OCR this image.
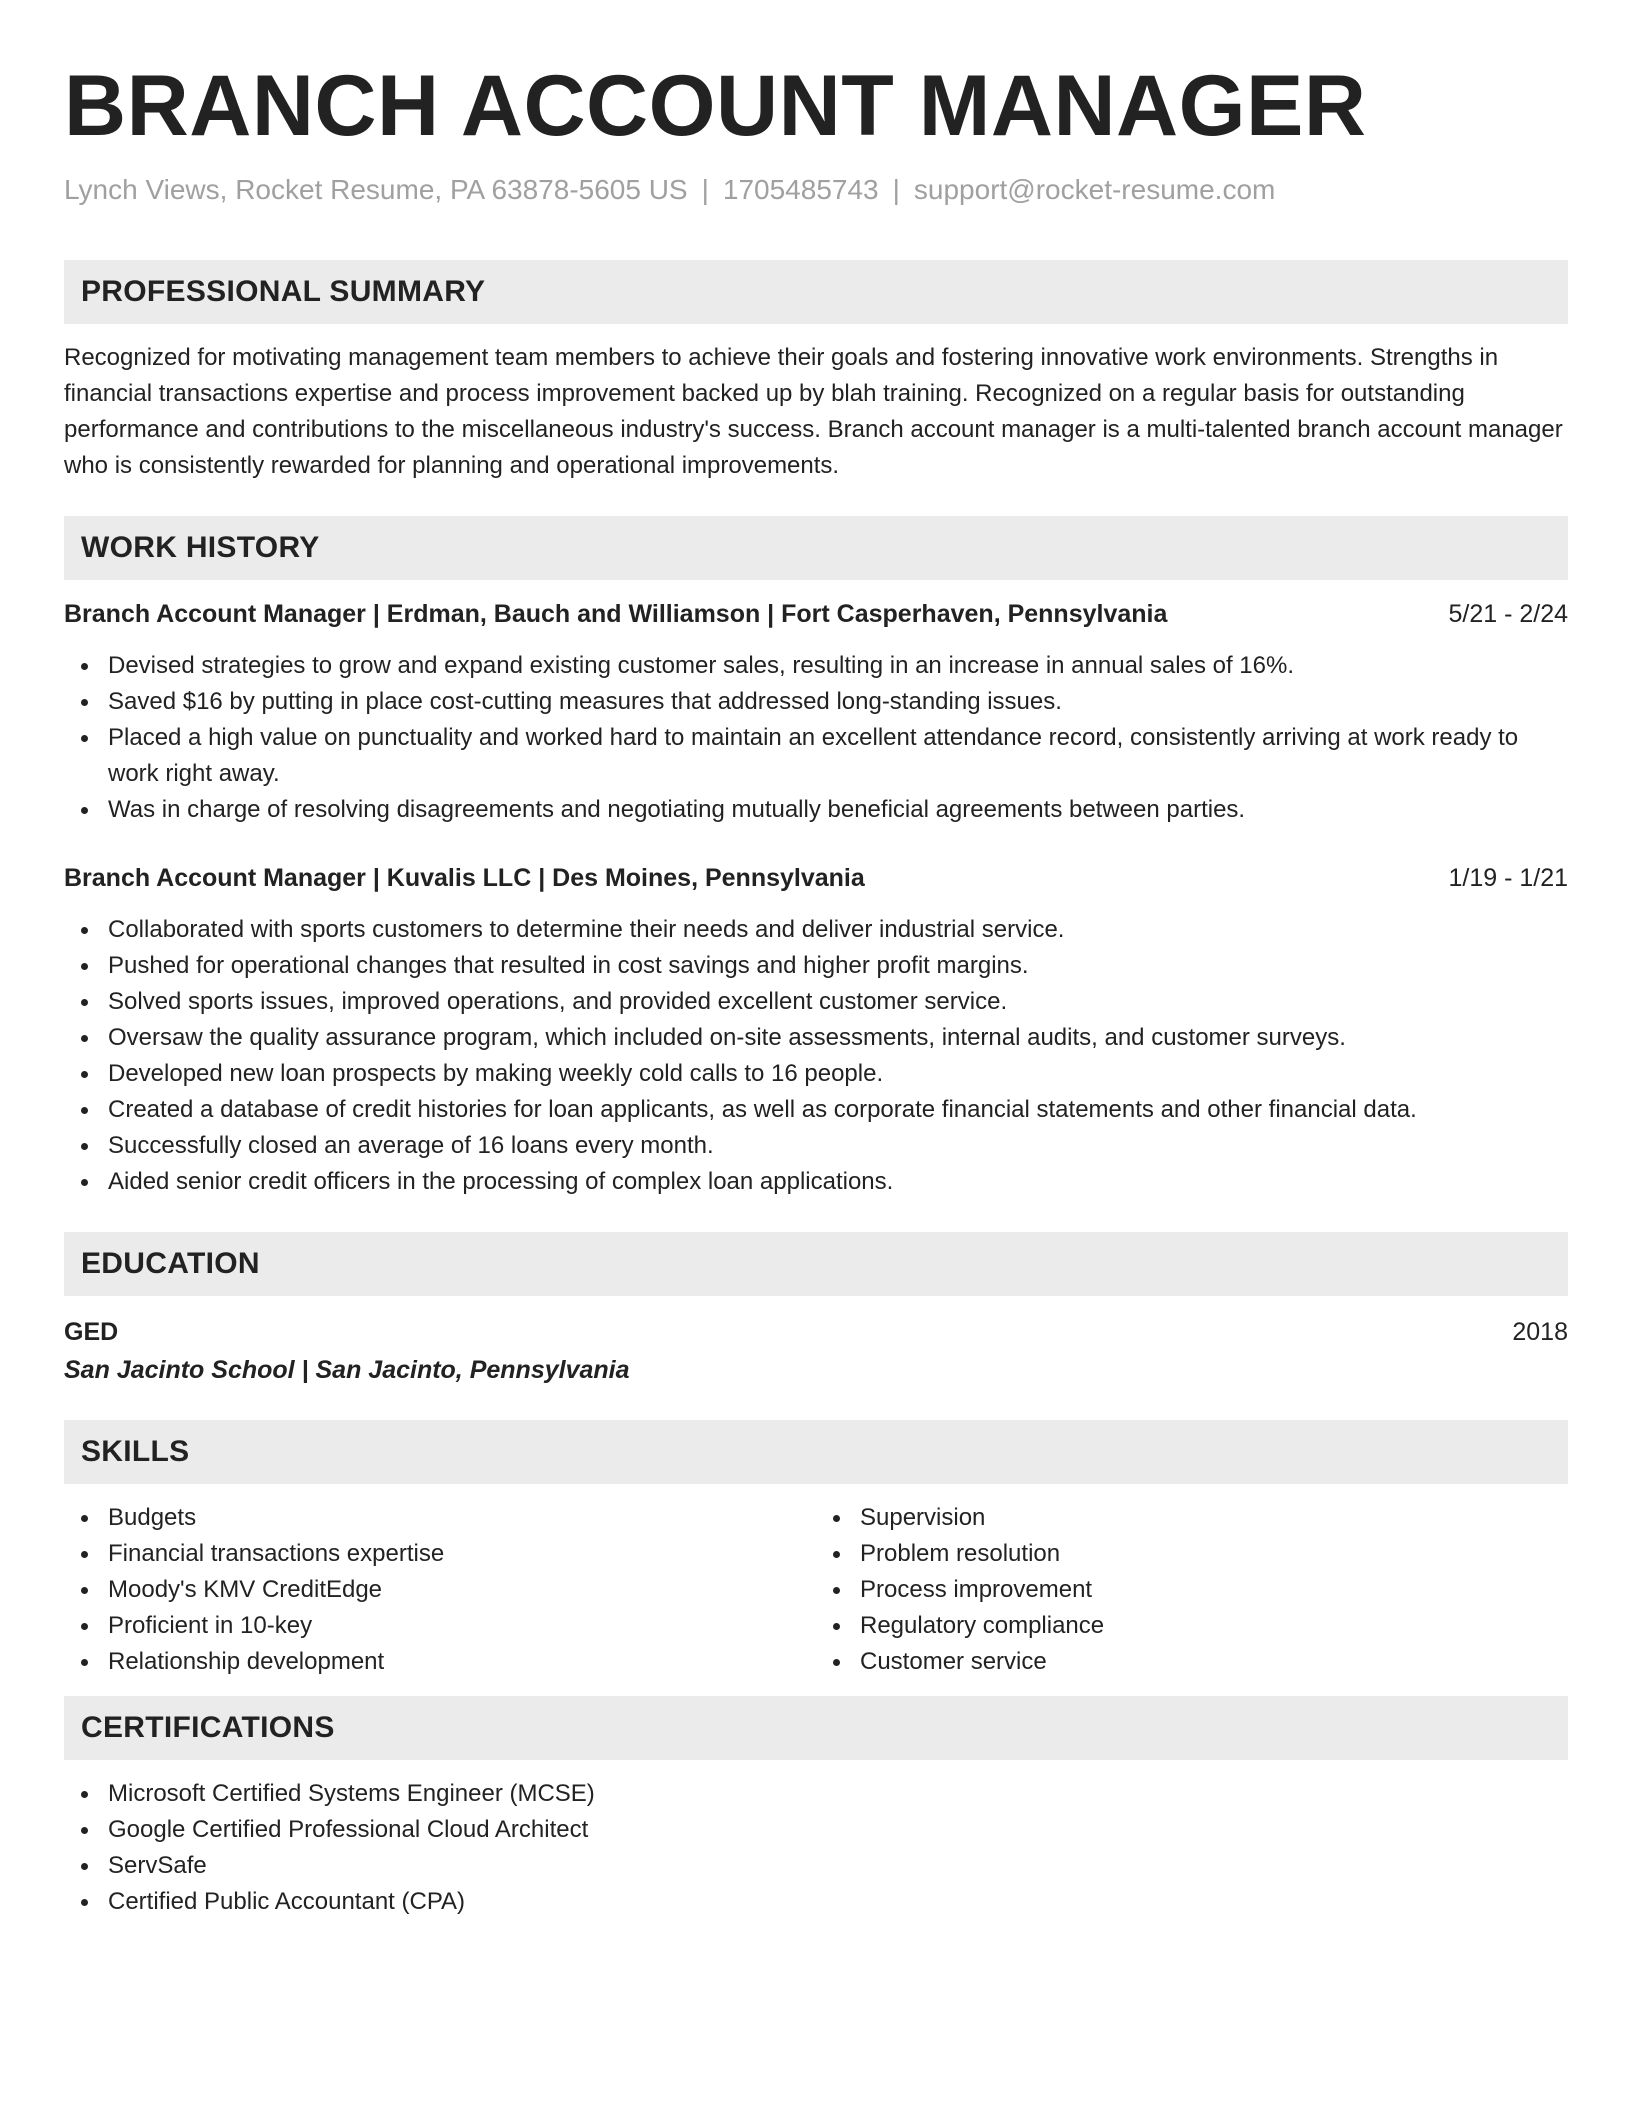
BRANCH ACCOUNT MANAGER
Lynch Views, Rocket Resume, PA 63878-5605 US | 1705485743 | support@rocket-resume.com
PROFESSIONAL SUMMARY

Recognized for motivating management team members to achieve their goals and fostering innovative work environments. Strengths in financial transactions expertise and process improvement backed up by blah training. Recognized on a regular basis for outstanding performance and contributions to the miscellaneous industry's success. Branch account manager is a multi-talented branch account manager who is consistently rewarded for planning and operational improvements.

WORK HISTORY
Branch Account Manager | Erdman, Bauch and Williamson | Fort Casperhaven, Pennsylvania	5/21 - 2/24
Devised strategies to grow and expand existing customer sales, resulting in an increase in annual sales of 16%.
Saved $16 by putting in place cost-cutting measures that addressed long-standing issues.
Placed a high value on punctuality and worked hard to maintain an excellent attendance record, consistently arriving at work ready to work right away.
Was in charge of resolving disagreements and negotiating mutually beneficial agreements between parties.
Branch Account Manager | Kuvalis LLC | Des Moines, Pennsylvania	1/19 - 1/21
Collaborated with sports customers to determine their needs and deliver industrial service.
Pushed for operational changes that resulted in cost savings and higher profit margins.
Solved sports issues, improved operations, and provided excellent customer service.
Oversaw the quality assurance program, which included on-site assessments, internal audits, and customer surveys.
Developed new loan prospects by making weekly cold calls to 16 people.
Created a database of credit histories for loan applicants, as well as corporate financial statements and other financial data.
Successfully closed an average of 16 loans every month.
Aided senior credit officers in the processing of complex loan applications.
EDUCATION
GED	2018
San Jacinto School | San Jacinto, Pennsylvania
SKILLS
Budgets
Financial transactions expertise
Moody's KMV CreditEdge
Proficient in 10-key
Relationship development
Supervision
Problem resolution
Process improvement
Regulatory compliance
Customer service
CERTIFICATIONS
Microsoft Certified Systems Engineer (MCSE)
Google Certified Professional Cloud Architect
ServSafe
Certified Public Accountant (CPA)
